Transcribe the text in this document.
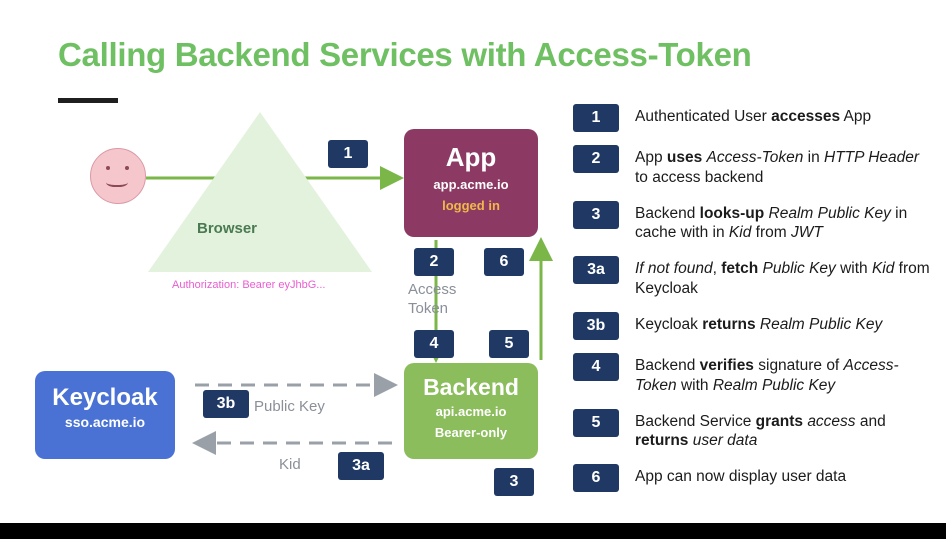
Calling Backend Services with Access-Token
Browser
Authorization: Bearer eyJhbG...
App
app.acme.io
logged in
Backend
api.acme.io
Bearer-only
Keycloak
sso.acme.io
1
2	6
4	5
3
3b
3a
Access
Token
Public Key
Kid
1	Authenticated User accesses App
2	App uses Access-Token in HTTP Header to access backend
3	Backend looks-up Realm Public Key in cache with in Kid from JWT
3a	If not found, fetch Public Key with Kid from Keycloak
3b	Keycloak returns Realm Public Key
4	Backend verifies signature of Access-Token with Realm Public Key
5	Backend Service grants access and returns user data
6	App can now display user data
